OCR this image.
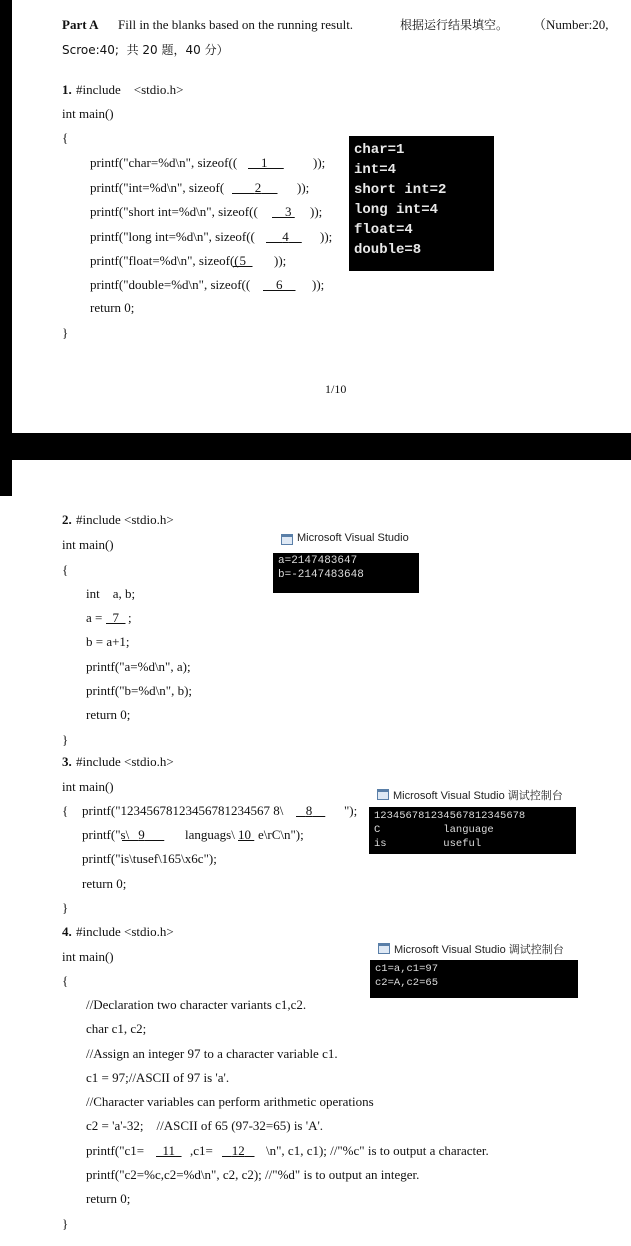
Part A Fill in the blanks based on the running result.	根据运行结果填空。 （Number:20,
Scroe:40;  共 20 题，40 分）
1. #include    <stdio.h>
int main()
{
printf("char=%d\n", sizeof((	1	));
printf("int=%d\n", sizeof(	2	));
printf("short int=%d\n", sizeof((	3 ));
printf("long int=%d\n", sizeof((	4	));
printf("float=%d\n", sizeof(( 5	));
printf("double=%d\n", sizeof((	6	));
return 0;
}
char=1
int=4
short int=2
long int=4
float=4
double=8
1/10
2. #include <stdio.h>
int main()
{
int    a, b;
a = 7 ;
b = a+1;
printf("a=%d\n", a);
printf("b=%d\n", b);
return 0;
}
Microsoft Visual Studio
a=2147483647
b=-2147483648
3. #include <stdio.h>
int main()
{ printf("12345678123456781234567 8\	8	");
printf("s\ 9	languags\ 10 e\rC\n");
printf("is\tusef\165\x6c");
return 0;
}
Microsoft Visual Studio 调试控制台
123456781234567812345678
C          language
is         useful
4. #include <stdio.h>
int main()
{
//Declaration two character variants c1,c2.
char c1, c2;
//Assign an integer 97 to a character variable c1.
c1 = 97;//ASCII of 97 is 'a'.
//Character variables can perform arithmetic operations
c2 = 'a'-32;    //ASCII of 65 (97-32=65) is 'A'.
printf("c1=	11	,c1=	12	\n", c1, c1); //"%c" is to output a character.
printf("c2=%c,c2=%d\n", c2, c2); //"%d" is to output an integer.
return 0;
}
Microsoft Visual Studio 调试控制台
c1=a,c1=97
c2=A,c2=65
